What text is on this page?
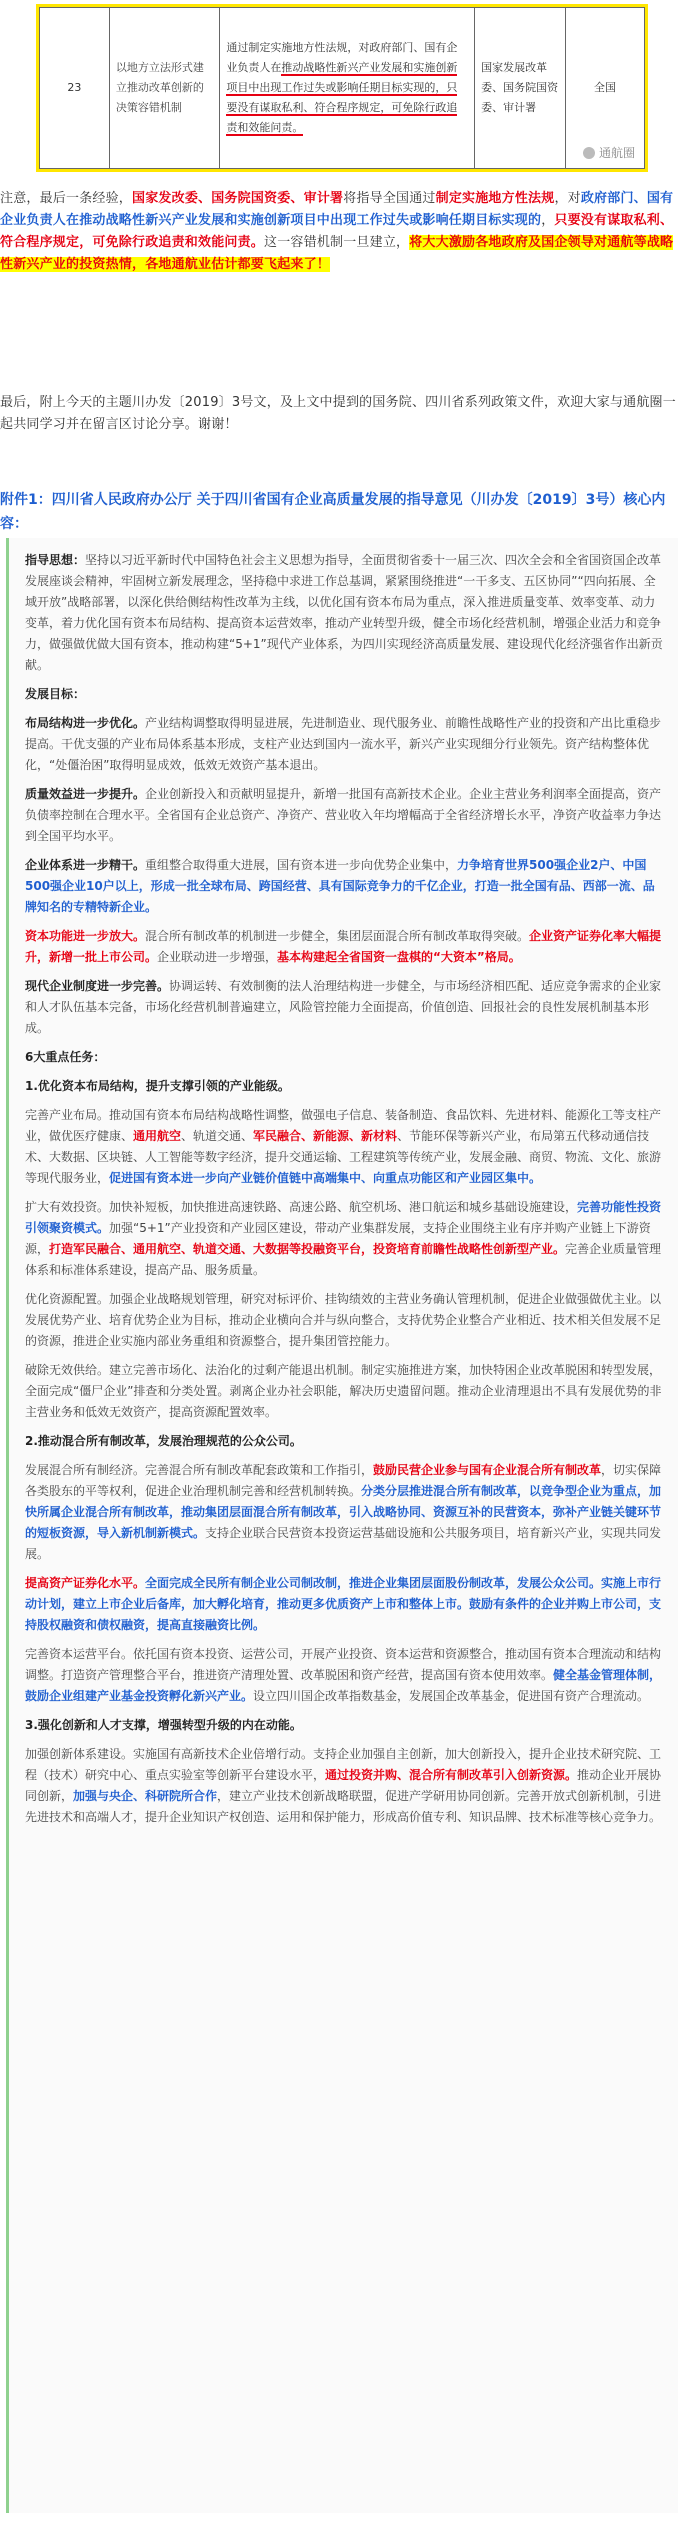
23	以地方立法形式建立推动改革创新的决策容错机制	通过制定实施地方性法规，对政府部门、国有企业负责人在推动战略性新兴产业发展和实施创新项目中出现工作过失或影响任期目标实现的，只要没有谋取私利、符合程序规定，可免除行政追责和效能问责。	国家发展改革委、国务院国资委、审计署	全国
通航圈

注意，最后一条经验，国家发改委、国务院国资委、审计署将指导全国通过制定实施地方性法规，对政府部门、国有企业负责人在推动战略性新兴产业发展和实施创新项目中出现工作过失或影响任期目标实现的，只要没有谋取私利、符合程序规定，可免除行政追责和效能问责。这一容错机制一旦建立，将大大激励各地政府及国企领导对通航等战略性新兴产业的投资热情，各地通航业估计都要飞起来了！

最后，附上今天的主题川办发〔2019〕3号文，及上文中提到的国务院、四川省系列政策文件，欢迎大家与通航圈一起共同学习并在留言区讨论分享。谢谢！

附件1：四川省人民政府办公厅 关于四川省国有企业高质量发展的指导意见（川办发〔2019〕3号）核心内容：

指导思想：坚持以习近平新时代中国特色社会主义思想为指导，全面贯彻省委十一届三次、四次全会和全省国资国企改革发展座谈会精神，牢固树立新发展理念，坚持稳中求进工作总基调，紧紧围绕推进“一干多支、五区协同”“四向拓展、全域开放”战略部署，以深化供给侧结构性改革为主线，以优化国有资本布局为重点，深入推进质量变革、效率变革、动力变革，着力优化国有资本布局结构、提高资本运营效率，推动产业转型升级，健全市场化经营机制，增强企业活力和竞争力，做强做优做大国有资本，推动构建“5+1”现代产业体系，为四川实现经济高质量发展、建设现代化经济强省作出新贡献。

发展目标：

布局结构进一步优化。产业结构调整取得明显进展，先进制造业、现代服务业、前瞻性战略性产业的投资和产出比重稳步提高。干优支强的产业布局体系基本形成，支柱产业达到国内一流水平，新兴产业实现细分行业领先。资产结构整体优化，“处僵治困”取得明显成效，低效无效资产基本退出。

质量效益进一步提升。企业创新投入和贡献明显提升，新增一批国有高新技术企业。企业主营业务利润率全面提高，资产负债率控制在合理水平。全省国有企业总资产、净资产、营业收入年均增幅高于全省经济增长水平，净资产收益率力争达到全国平均水平。

企业体系进一步精干。重组整合取得重大进展，国有资本进一步向优势企业集中，力争培育世界500强企业2户、中国500强企业10户以上，形成一批全球布局、跨国经营、具有国际竞争力的千亿企业，打造一批全国有品、西部一流、品牌知名的专精特新企业。

资本功能进一步放大。混合所有制改革的机制进一步健全，集团层面混合所有制改革取得突破。企业资产证券化率大幅提升，新增一批上市公司。企业联动进一步增强，基本构建起全省国资一盘棋的“大资本”格局。

现代企业制度进一步完善。协调运转、有效制衡的法人治理结构进一步健全，与市场经济相匹配、适应竞争需求的企业家和人才队伍基本完备，市场化经营机制普遍建立，风险管控能力全面提高，价值创造、回报社会的良性发展机制基本形成。

6大重点任务：

1.优化资本布局结构，提升支撑引领的产业能级。

完善产业布局。推动国有资本布局结构战略性调整，做强电子信息、装备制造、食品饮料、先进材料、能源化工等支柱产业，做优医疗健康、通用航空、轨道交通、军民融合、新能源、新材料、节能环保等新兴产业，布局第五代移动通信技术、大数据、区块链、人工智能等数字经济，提升交通运输、工程建筑等传统产业，发展金融、商贸、物流、文化、旅游等现代服务业，促进国有资本进一步向产业链价值链中高端集中、向重点功能区和产业园区集中。

扩大有效投资。加快补短板，加快推进高速铁路、高速公路、航空机场、港口航运和城乡基础设施建设，完善功能性投资引领聚资模式。加强“5+1”产业投资和产业园区建设，带动产业集群发展，支持企业围绕主业有序并购产业链上下游资源，打造军民融合、通用航空、轨道交通、大数据等投融资平台，投资培育前瞻性战略性创新型产业。完善企业质量管理体系和标准体系建设，提高产品、服务质量。

优化资源配置。加强企业战略规划管理，研究对标评价、挂钩绩效的主营业务确认管理机制，促进企业做强做优主业。以发展优势产业、培育优势企业为目标，推动企业横向合并与纵向整合，支持优势企业整合产业相近、技术相关但发展不足的资源，推进企业实施内部业务重组和资源整合，提升集团管控能力。

破除无效供给。建立完善市场化、法治化的过剩产能退出机制。制定实施推进方案，加快特困企业改革脱困和转型发展，全面完成“僵尸企业”排查和分类处置。剥离企业办社会职能，解决历史遗留问题。推动企业清理退出不具有发展优势的非主营业务和低效无效资产，提高资源配置效率。

2.推动混合所有制改革，发展治理规范的公众公司。

发展混合所有制经济。完善混合所有制改革配套政策和工作指引，鼓励民营企业参与国有企业混合所有制改革，切实保障各类股东的平等权利，促进企业治理机制完善和经营机制转换。分类分层推进混合所有制改革，以竞争型企业为重点，加快所属企业混合所有制改革，推动集团层面混合所有制改革，引入战略协同、资源互补的民营资本，弥补产业链关键环节的短板资源，导入新机制新模式。支持企业联合民营资本投资运营基础设施和公共服务项目，培育新兴产业，实现共同发展。

提高资产证券化水平。全面完成全民所有制企业公司制改制，推进企业集团层面股份制改革，发展公众公司。实施上市行动计划，建立上市企业后备库，加大孵化培育，推动更多优质资产上市和整体上市。鼓励有条件的企业并购上市公司，支持股权融资和债权融资，提高直接融资比例。

完善资本运营平台。依托国有资本投资、运营公司，开展产业投资、资本运营和资源整合，推动国有资本合理流动和结构调整。打造资产管理整合平台，推进资产清理处置、改革脱困和资产经营，提高国有资本使用效率。健全基金管理体制，鼓励企业组建产业基金投资孵化新兴产业。设立四川国企改革指数基金，发展国企改革基金，促进国有资产合理流动。

3.强化创新和人才支撑，增强转型升级的内在动能。

加强创新体系建设。实施国有高新技术企业倍增行动。支持企业加强自主创新，加大创新投入，提升企业技术研究院、工程（技术）研究中心、重点实验室等创新平台建设水平，通过投资并购、混合所有制改革引入创新资源。推动企业开展协同创新，加强与央企、科研院所合作，建立产业技术创新战略联盟，促进产学研用协同创新。完善开放式创新机制，引进先进技术和高端人才，提升企业知识产权创造、运用和保护能力，形成高价值专利、知识品牌、技术标准等核心竞争力。
